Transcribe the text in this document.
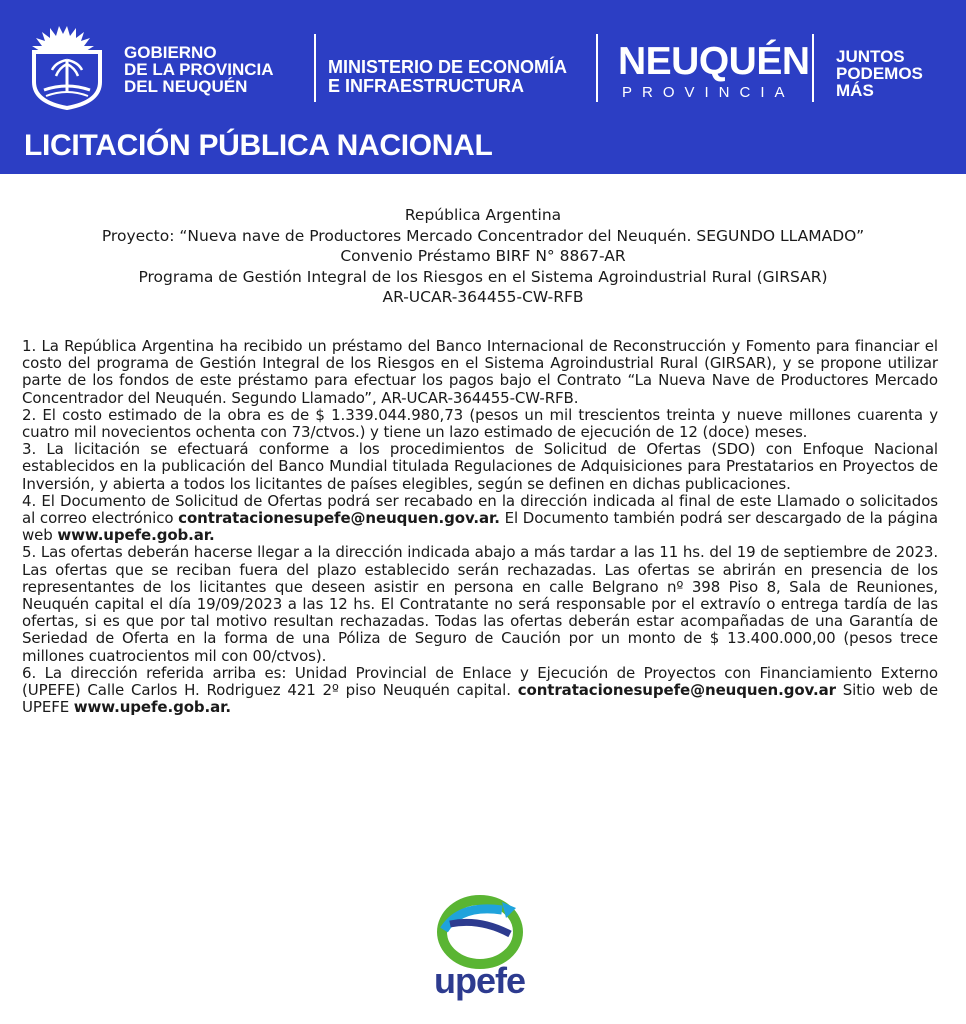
GOBIERNO
DE LA PROVINCIA
DEL NEUQUÉN
MINISTERIO DE ECONOMÍA
E INFRAESTRUCTURA
NEUQUÉN
PROVINCIA
JUNTOS
PODEMOS
MÁS
LICITACIÓN PÚBLICA NACIONAL
República Argentina
Proyecto: “Nueva nave de Productores Mercado Concentrador del Neuquén. SEGUNDO LLAMADO”
Convenio Préstamo BIRF N° 8867-AR
Programa de Gestión Integral de los Riesgos en el Sistema Agroindustrial Rural (GIRSAR)
AR-UCAR-364455-CW-RFB

1. La República Argentina ha recibido un préstamo del Banco Internacional de Reconstrucción y Fomento para financiar el costo del programa de Gestión Integral de los Riesgos en el Sistema Agroindustrial Rural (GIRSAR), y se propone utilizar parte de los fondos de este préstamo para efectuar los pagos bajo el Contrato “La Nueva Nave de Productores Mercado Concentrador del Neuquén. Segundo Llamado”, AR-UCAR-364455-CW-RFB.

2. El costo estimado de la obra es de $ 1.339.044.980,73 (pesos un mil trescientos treinta y nueve millones cuarenta y cuatro mil novecientos ochenta con 73/ctvos.) y tiene un lazo estimado de ejecución de 12 (doce) meses.

3. La licitación se efectuará conforme a los procedimientos de Solicitud de Ofertas (SDO) con Enfoque Nacional establecidos en la publicación del Banco Mundial titulada Regulaciones de Adquisiciones para Prestatarios en Proyectos de Inversión, y abierta a todos los licitantes de países elegibles, según se definen en dichas publicaciones.

4. El Documento de Solicitud de Ofertas podrá ser recabado en la dirección indicada al final de este Llamado o solicitados al correo electrónico contratacionesupefe@neuquen.gov.ar. El Documento también podrá ser descargado de la página web www.upefe.gob.ar.

5. Las ofertas deberán hacerse llegar a la dirección indicada abajo a más tardar a las 11 hs. del 19 de septiembre de 2023. Las ofertas que se reciban fuera del plazo establecido serán rechazadas. Las ofertas se abrirán en presencia de los representantes de los licitantes que deseen asistir en persona en calle Belgrano nº 398 Piso 8, Sala de Reuniones, Neuquén capital el día 19/09/2023 a las 12 hs. El Contratante no será responsable por el extravío o entrega tardía de las ofertas, si es que por tal motivo resultan rechazadas. Todas las ofertas deberán estar acompañadas de una Garantía de Seriedad de Oferta en la forma de una Póliza de Seguro de Caución por un monto de $ 13.400.000,00 (pesos trece millones cuatrocientos mil con 00/ctvos).

6. La dirección referida arriba es: Unidad Provincial de Enlace y Ejecución de Proyectos con Financiamiento Externo (UPEFE) Calle Carlos H. Rodriguez 421 2º piso Neuquén capital. contratacionesupefe@neuquen.gov.ar Sitio web de UPEFE www.upefe.gob.ar.

upefe
